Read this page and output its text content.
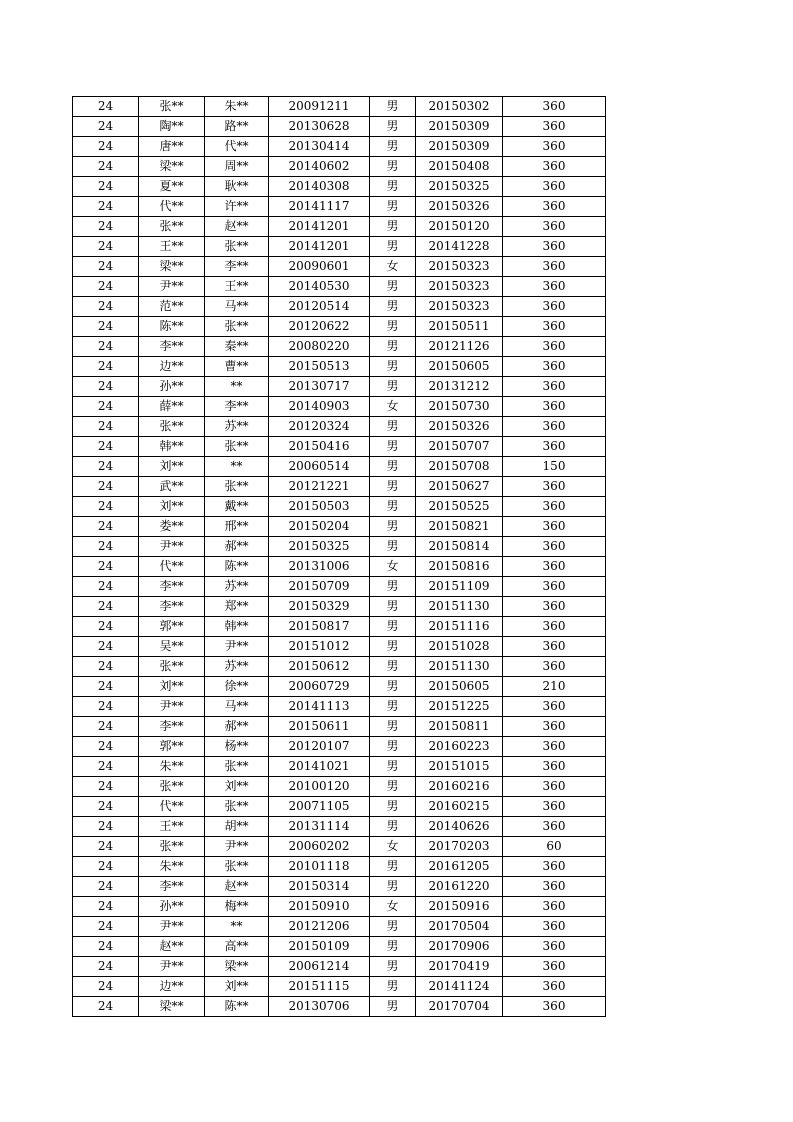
24	张**	朱**	20091211	男	20150302	360
24	陶**	路**	20130628	男	20150309	360
24	唐**	代**	20130414	男	20150309	360
24	梁**	周**	20140602	男	20150408	360
24	夏**	耿**	20140308	男	20150325	360
24	代**	许**	20141117	男	20150326	360
24	张**	赵**	20141201	男	20150120	360
24	王**	张**	20141201	男	20141228	360
24	梁**	李**	20090601	女	20150323	360
24	尹**	王**	20140530	男	20150323	360
24	范**	马**	20120514	男	20150323	360
24	陈**	张**	20120622	男	20150511	360
24	李**	秦**	20080220	男	20121126	360
24	边**	曹**	20150513	男	20150605	360
24	孙**	**	20130717	男	20131212	360
24	薛**	李**	20140903	女	20150730	360
24	张**	苏**	20120324	男	20150326	360
24	韩**	张**	20150416	男	20150707	360
24	刘**	**	20060514	男	20150708	150
24	武**	张**	20121221	男	20150627	360
24	刘**	戴**	20150503	男	20150525	360
24	娄**	邢**	20150204	男	20150821	360
24	尹**	郝**	20150325	男	20150814	360
24	代**	陈**	20131006	女	20150816	360
24	李**	苏**	20150709	男	20151109	360
24	李**	郑**	20150329	男	20151130	360
24	郭**	韩**	20150817	男	20151116	360
24	吴**	尹**	20151012	男	20151028	360
24	张**	苏**	20150612	男	20151130	360
24	刘**	徐**	20060729	男	20150605	210
24	尹**	马**	20141113	男	20151225	360
24	李**	郝**	20150611	男	20150811	360
24	郭**	杨**	20120107	男	20160223	360
24	朱**	张**	20141021	男	20151015	360
24	张**	刘**	20100120	男	20160216	360
24	代**	张**	20071105	男	20160215	360
24	王**	胡**	20131114	男	20140626	360
24	张**	尹**	20060202	女	20170203	60
24	朱**	张**	20101118	男	20161205	360
24	李**	赵**	20150314	男	20161220	360
24	孙**	梅**	20150910	女	20150916	360
24	尹**	**	20121206	男	20170504	360
24	赵**	高**	20150109	男	20170906	360
24	尹**	梁**	20061214	男	20170419	360
24	边**	刘**	20151115	男	20141124	360
24	梁**	陈**	20130706	男	20170704	360
